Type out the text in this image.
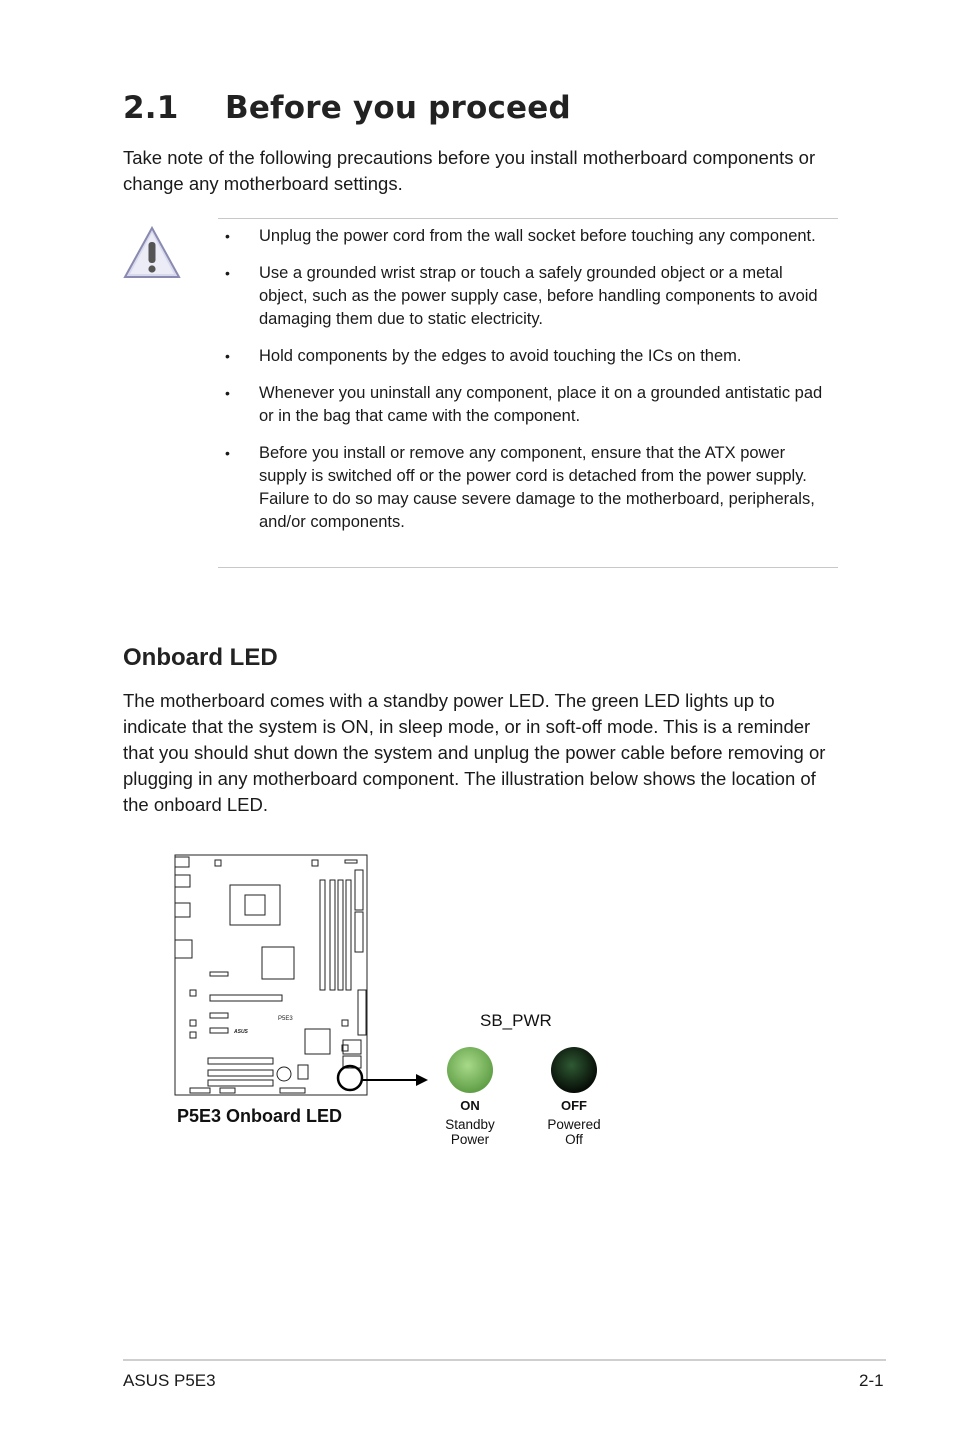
2.1 Before you proceed
Take note of the following precautions before you install motherboard components or change any motherboard settings.
• Unplug the power cord from the wall socket before touching any component.
• Use a grounded wrist strap or touch a safely grounded object or a metal object, such as the power supply case, before handling components to avoid damaging them due to static electricity.
• Hold components by the edges to avoid touching the ICs on them.
• Whenever you uninstall any component, place it on a grounded antistatic pad or in the bag that came with the component.
• Before you install or remove any component, ensure that the ATX power supply is switched off or the power cord is detached from the power supply. Failure to do so may cause severe damage to the motherboard, peripherals, and/or components.
Onboard LED
The motherboard comes with a standby power LED. The green LED lights up to indicate that the system is ON, in sleep mode, or in soft-off mode. This is a reminder that you should shut down the system and unplug the power cable before removing or plugging in any motherboard component. The illustration below shows the location of the onboard LED.
P5E3
ASUS
SB_PWR
ON
Standby
Power
OFF
Powered
Off
P5E3 Onboard LED
ASUS P5E3	2-1
